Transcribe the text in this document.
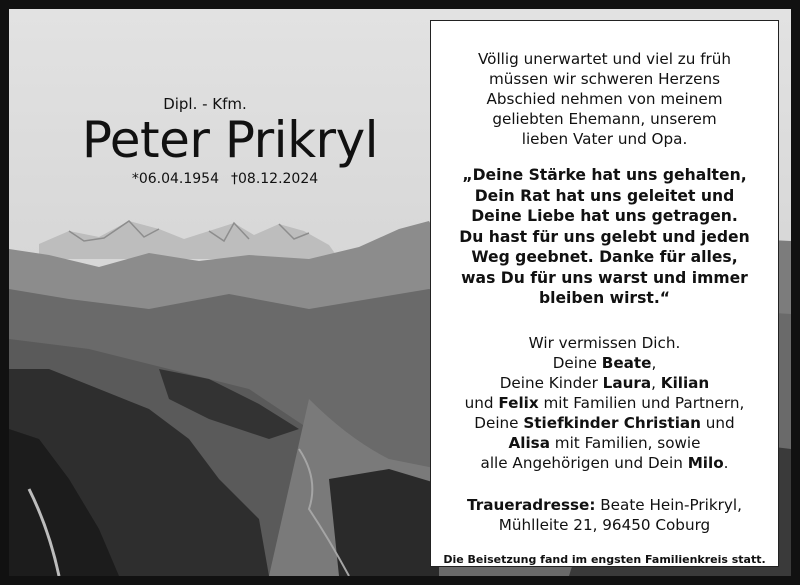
Dipl. - Kfm.
Peter Prikryl
*06.04.1954 †08.12.2024
Völlig unerwartet und viel zu früh
müssen wir schweren Herzens
Abschied nehmen von meinem
geliebten Ehemann, unserem
lieben Vater und Opa.
„Deine Stärke hat uns gehalten,
Dein Rat hat uns geleitet und
Deine Liebe hat uns getragen.
Du hast für uns gelebt und jeden
Weg geebnet. Danke für alles,
was Du für uns warst und immer
bleiben wirst.“
Wir vermissen Dich.
Deine Beate,
Deine Kinder Laura, Kilian
und Felix mit Familien und Partnern,
Deine Stiefkinder Christian und
Alisa mit Familien, sowie
alle Angehörigen und Dein Milo.
Traueradresse: Beate Hein-Prikryl,
Mühlleite 21, 96450 Coburg
Die Beisetzung fand im engsten Familienkreis statt.
